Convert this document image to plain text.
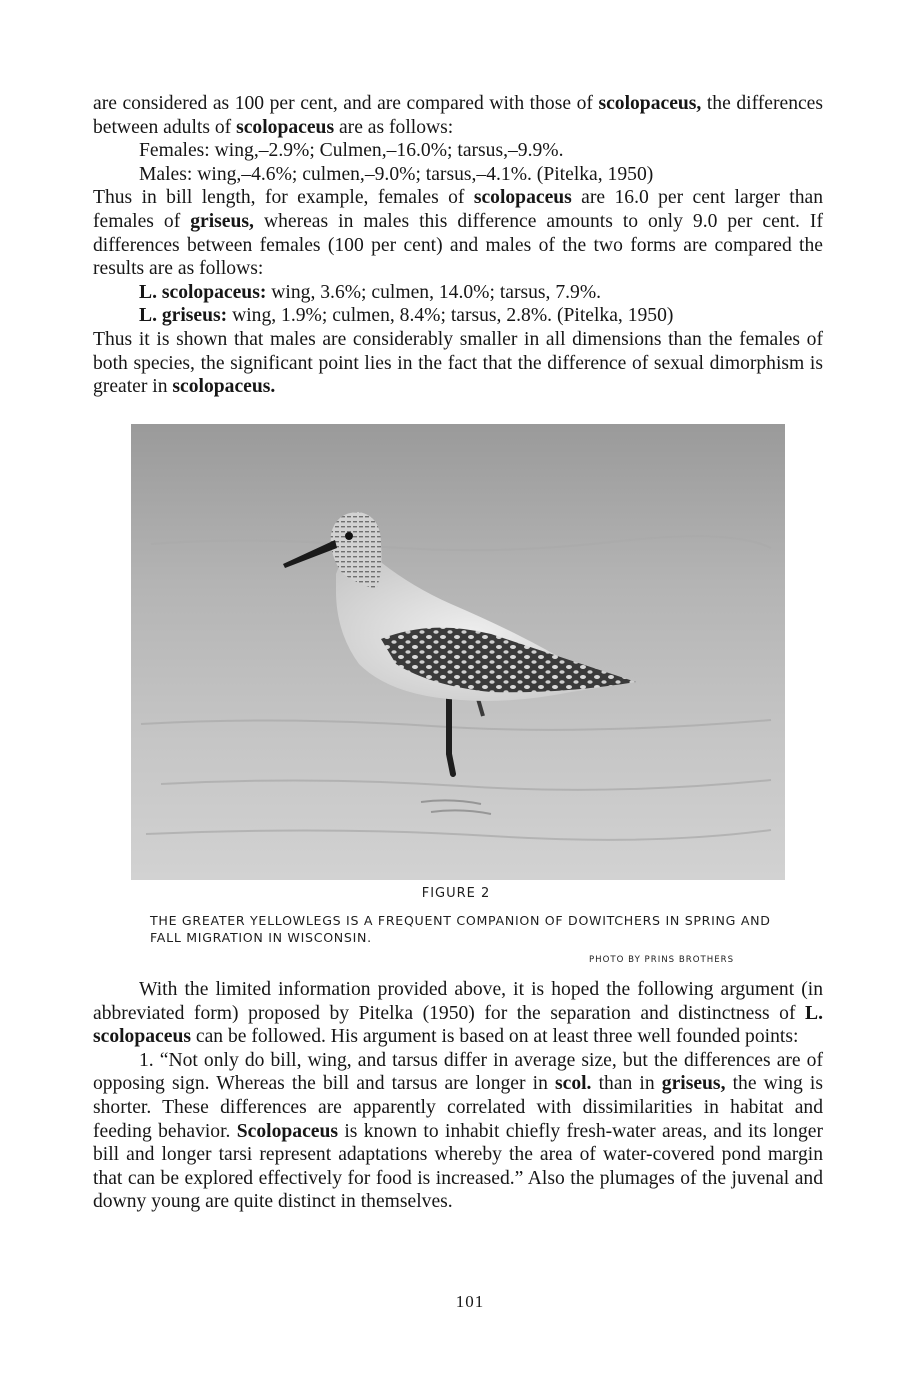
are considered as 100 per cent, and are compared with those of scolopaceus, the differences between adults of scolopaceus are as follows:

Females: wing,–2.9%; Culmen,–16.0%; tarsus,–9.9%.

Males: wing,–4.6%; culmen,–9.0%; tarsus,–4.1%. (Pitelka, 1950)

Thus in bill length, for example, females of scolopaceus are 16.0 per cent larger than females of griseus, whereas in males this difference amounts to only 9.0 per cent. If differences between females (100 per cent) and males of the two forms are compared the results are as follows:

L. scolopaceus: wing, 3.6%; culmen, 14.0%; tarsus, 7.9%.

L. griseus: wing, 1.9%; culmen, 8.4%; tarsus, 2.8%. (Pitelka, 1950)

Thus it is shown that males are considerably smaller in all dimensions than the females of both species, the significant point lies in the fact that the difference of sexual dimorphism is greater in scolopaceus.

FIGURE 2
THE GREATER YELLOWLEGS IS A FREQUENT COMPANION OF DOWITCHERS IN SPRING AND FALL MIGRATION IN WISCONSIN.
PHOTO BY PRINS BROTHERS

With the limited information provided above, it is hoped the following argument (in abbreviated form) proposed by Pitelka (1950) for the separation and distinctness of L. scolopaceus can be followed. His argument is based on at least three well founded points:

1. “Not only do bill, wing, and tarsus differ in average size, but the differences are of opposing sign. Whereas the bill and tarsus are longer in scol. than in griseus, the wing is shorter. These differences are apparently correlated with dissimilarities in habitat and feeding behavior. Scolopaceus is known to inhabit chiefly fresh-water areas, and its longer bill and longer tarsi represent adaptations whereby the area of water-covered pond margin that can be explored effectively for food is increased.” Also the plumages of the juvenal and downy young are quite distinct in themselves.

101
